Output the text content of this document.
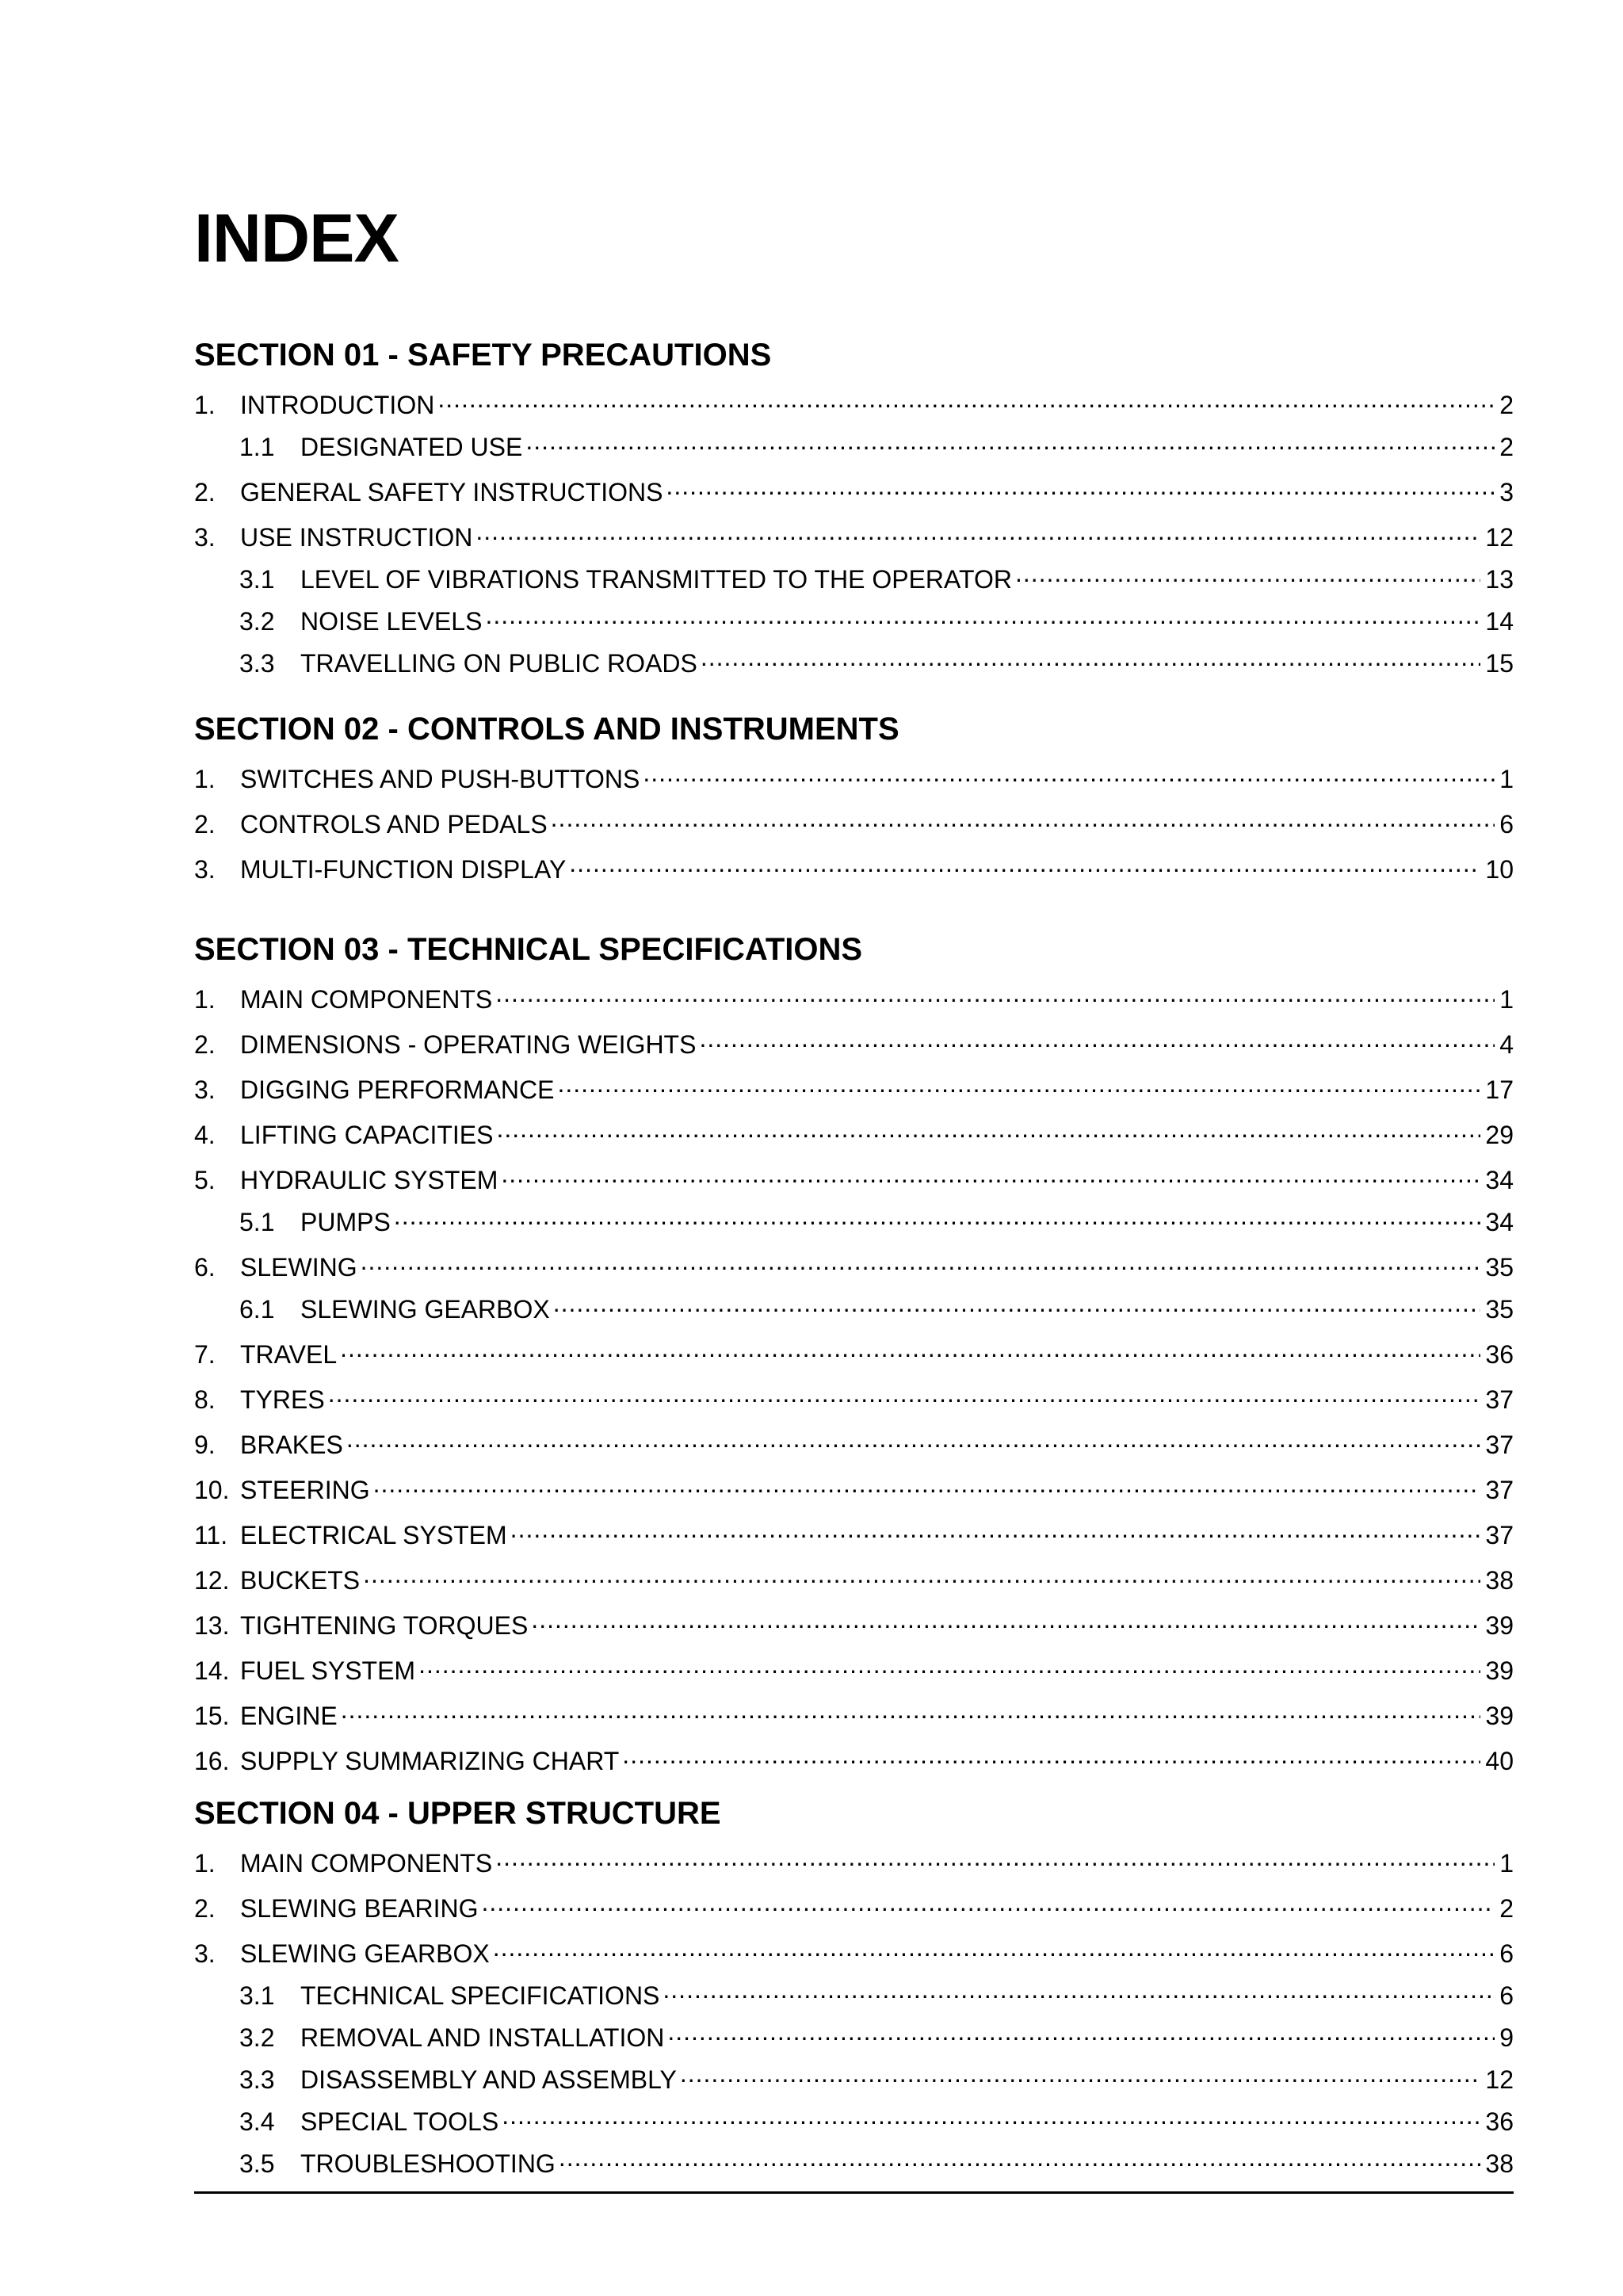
INDEX
SECTION 01 - SAFETY PRECAUTIONS
1. INTRODUCTION .....	2
1.1	DESIGNATED USE .....	2
2. GENERAL SAFETY INSTRUCTIONS .....	3
3. USE INSTRUCTION .....	12
3.1	LEVEL OF VIBRATIONS TRANSMITTED TO THE OPERATOR .....	13
3.2	NOISE LEVELS .....	14
3.3	TRAVELLING ON PUBLIC ROADS .....	15
SECTION 02 - CONTROLS AND INSTRUMENTS
1. SWITCHES AND PUSH-BUTTONS .....	1
2. CONTROLS AND PEDALS .....	6
3. MULTI-FUNCTION DISPLAY .....	10
SECTION 03 - TECHNICAL SPECIFICATIONS
1. MAIN COMPONENTS .....	1
2. DIMENSIONS - OPERATING WEIGHTS .....	4
3. DIGGING PERFORMANCE .....	17
4. LIFTING CAPACITIES .....	29
5. HYDRAULIC SYSTEM .....	34
5.1	PUMPS .....	34
6. SLEWING .....	35
6.1	SLEWING GEARBOX .....	35
7. TRAVEL .....	36
8. TYRES .....	37
9. BRAKES .....	37
10. STEERING .....	37
11. ELECTRICAL SYSTEM .....	37
12. BUCKETS .....	38
13. TIGHTENING TORQUES .....	39
14. FUEL SYSTEM .....	39
15. ENGINE .....	39
16. SUPPLY SUMMARIZING CHART .....	40
SECTION 04 - UPPER STRUCTURE
1. MAIN COMPONENTS .....	1
2. SLEWING BEARING .....	2
3. SLEWING GEARBOX .....	6
3.1	TECHNICAL SPECIFICATIONS .....	6
3.2	REMOVAL AND INSTALLATION .....	9
3.3	DISASSEMBLY AND ASSEMBLY .....	12
3.4	SPECIAL TOOLS .....	36
3.5	TROUBLESHOOTING .....	38
